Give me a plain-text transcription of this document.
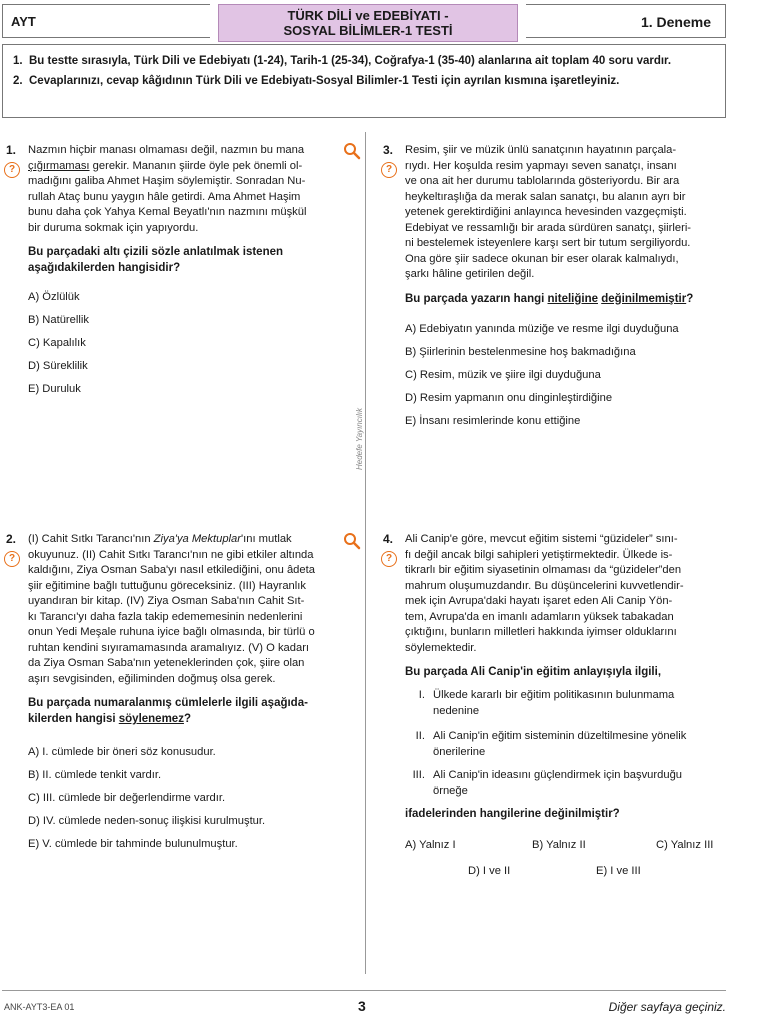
AYT	TÜRK DİLİ ve EDEBİYATI -
SOSYAL BİLİMLER-1 TESTİ
1. Deneme
1. Bu testte sırasıyla, Türk Dili ve Edebiyatı (1-24), Tarih-1 (25-34), Coğrafya-1 (35-40) alanlarına ait toplam 40 soru vardır.

2. Cevaplarınızı, cevap kâğıdının Türk Dili ve Edebiyatı-Sosyal Bilimler-1 Testi için ayrılan kısmına işaretleyiniz.

Hedefe Yayıncılık
1.
?

Nazmın hiçbir manası olmaması değil, nazmın bu mana

çığırmaması gerekir. Mananın şiirde öyle pek önemli ol-

madığını galiba Ahmet Haşim söylemiştir. Sonradan Nu-

rullah Ataç bunu yaygın hâle getirdi. Ama Ahmet Haşim

bunu daha çok Yahya Kemal Beyatlı'nın nazmını müşkül

bir duruma sokmak için yapıyordu.

Bu parçadaki altı çizili sözle anlatılmak istenen aşağıdakilerden hangisidir?
A) Özlülük
B) Natürellik
C) Kapalılık
D) Süreklilik
E) Duruluk
3.
?

Resim, şiir ve müzik ünlü sanatçının hayatının parçala-

rıydı. Her koşulda resim yapmayı seven sanatçı, insanı

ve ona ait her durumu tablolarında gösteriyordu. Bir ara

heykeltıraşlığa da merak salan sanatçı, bu alanın ayrı bir

yetenek gerektirdiğini anlayınca hevesinden vazgeçmişti.

Edebiyat ve ressamlığı bir arada sürdüren sanatçı, şiirleri-

ni bestelemek isteyenlere karşı sert bir tutum sergiliyordu.

Ona göre şiir sadece okunan bir eser olarak kalmalıydı,

şarkı hâline getirilen değil.

Bu parçada yazarın hangi niteliğine değinilmemiştir?
A) Edebiyatın yanında müziğe ve resme ilgi duyduğuna
B) Şiirlerinin bestelenmesine hoş bakmadığına
C) Resim, müzik ve şiire ilgi duyduğuna
D) Resim yapmanın onu dinginleştirdiğine
E) İnsanı resimlerinde konu ettiğine
2.
?

(I) Cahit Sıtkı Tarancı'nın Ziya'ya Mektuplar'ını mutlak

okuyunuz. (II) Cahit Sıtkı Tarancı'nın ne gibi etkiler altında

kaldığını, Ziya Osman Saba'yı nasıl etkilediğini, onu âdeta

şiir eğitimine bağlı tuttuğunu göreceksiniz. (III) Hayranlık

uyandıran bir kitap. (IV) Ziya Osman Saba'nın Cahit Sıt-

kı Tarancı'yı daha fazla takip edememesinin nedenlerini

onun Yedi Meşale ruhuna iyice bağlı olmasında, bir türlü o

ruhtan kendini sıyıramamasında aramalıyız. (V) O kadarı

da Ziya Osman Saba'nın yeteneklerinden çok, şiire olan

aşırı sevgisinden, eğiliminden doğmuş olsa gerek.

Bu parçada numaralanmış cümlelerle ilgili aşağıda-
kilerden hangisi söylenemez?
A) I. cümlede bir öneri söz konusudur.
B) II. cümlede tenkit vardır.
C) III. cümlede bir değerlendirme vardır.
D) IV. cümlede neden-sonuç ilişkisi kurulmuştur.
E) V. cümlede bir tahminde bulunulmuştur.
4.
?

Ali Canip'e göre, mevcut eğitim sistemi “güzideler” sını-

fı değil ancak bilgi sahipleri yetiştirmektedir. Ülkede is-

tikrarlı bir eğitim siyasetinin olmaması da “güzideler”den

mahrum oluşumuzdandır. Bu düşüncelerini kuvvetlendir-

mek için Avrupa'daki hayatı işaret eden Ali Canip Yön-

tem, Avrupa'da en imanlı adamların yüksek tabakadan

çıktığını, bunların milletleri hakkında iyimser olduklarını

söylemektedir.

Bu parçada Ali Canip'in eğitim anlayışıyla ilgili,
I. Ülkede kararlı bir eğitim politikasının bulunmama
nedenine
II. Ali Canip'in eğitim sisteminin düzeltilmesine yönelik
önerilerine
III. Ali Canip'in ideasını güçlendirmek için başvurduğu
örneğe
ifadelerinden hangilerine değinilmiştir?
A) Yalnız I	B) Yalnız II	C) Yalnız III
D) I ve II	E) I ve III
ANK-AYT3-EA 01	3	Diğer sayfaya geçiniz.
